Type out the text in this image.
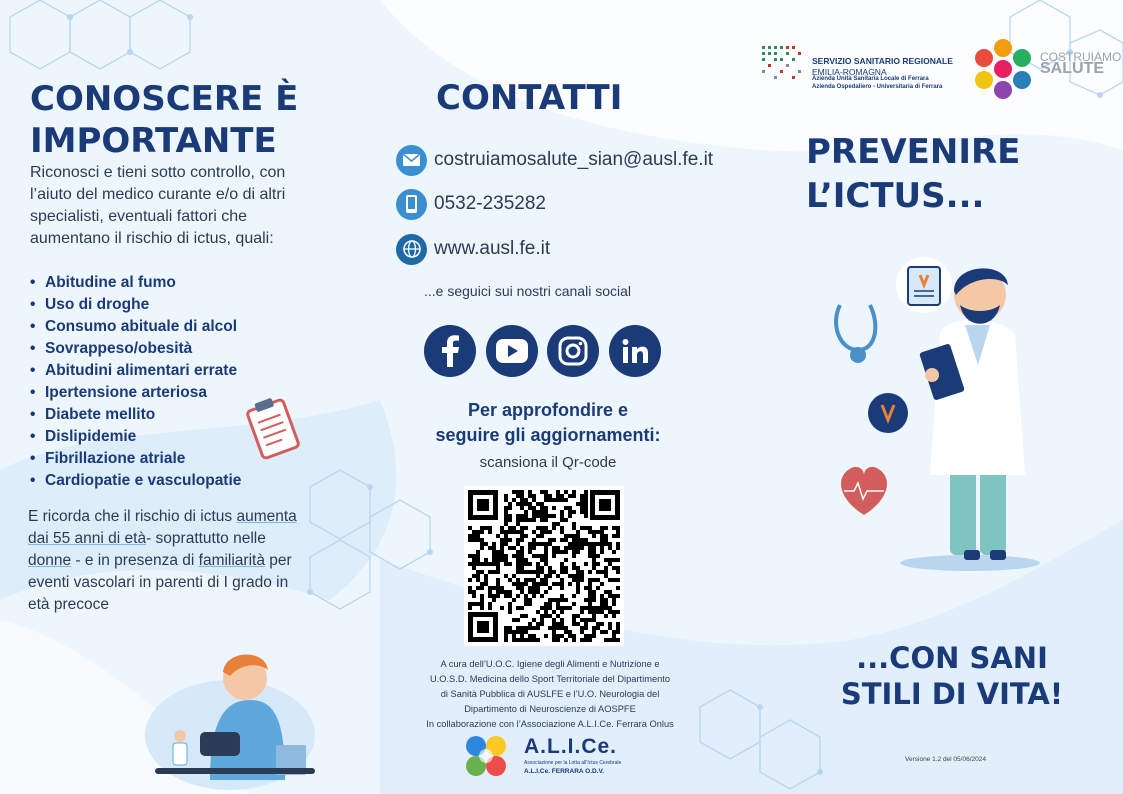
SERVIZIO SANITARIO REGIONALE
EMILIA-ROMAGNA
Azienda Unità Sanitaria Locale di Ferrara
Azienda Ospedaliero - Universitaria di Ferrara
COSTRUIAMO
SALUTE
CONOSCERE È
IMPORTANTE
Riconosci e tieni sotto controllo, con l’aiuto del medico curante e/o di altri specialisti, eventuali fattori che aumentano il rischio di ictus, quali:
• Abitudine al fumo
• Uso di droghe
• Consumo abituale di alcol
• Sovrappeso/obesità
• Abitudini alimentari errate
• Ipertensione arteriosa
• Diabete mellito
• Dislipidemie
• Fibrillazione atriale
• Cardiopatie e vasculopatie
E ricorda che il rischio di ictus aumenta dai 55 anni di età- soprattutto nelle donne - e in presenza di familiarità per eventi vascolari in parenti di I grado in età precoce
CONTATTI
costruiamosalute_sian@ausl.fe.it
0532-235282
www.ausl.fe.it
...e seguici sui nostri canali social
Per approfondire e
seguire gli aggiornamenti:
scansiona il Qr-code
A cura dell’U.O.C. Igiene degli Alimenti e Nutrizione e
U.O.S.D. Medicina dello Sport Territoriale del Dipartimento
di Sanità Pubblica di AUSLFE e l’U.O. Neurologia del
Dipartimento di Neuroscienze di AOSPFE
In collaborazione con l’Associazione A.L.I.Ce. Ferrara Onlus
A.L.I.Ce.
Associazione per la Lotta all’Ictus Cerebrale
A.L.I.Ce. FERRARA O.D.V.
PREVENIRE
L’ICTUS...
...CON SANI
STILI DI VITA!
Versione 1.2 del 05/06/2024
